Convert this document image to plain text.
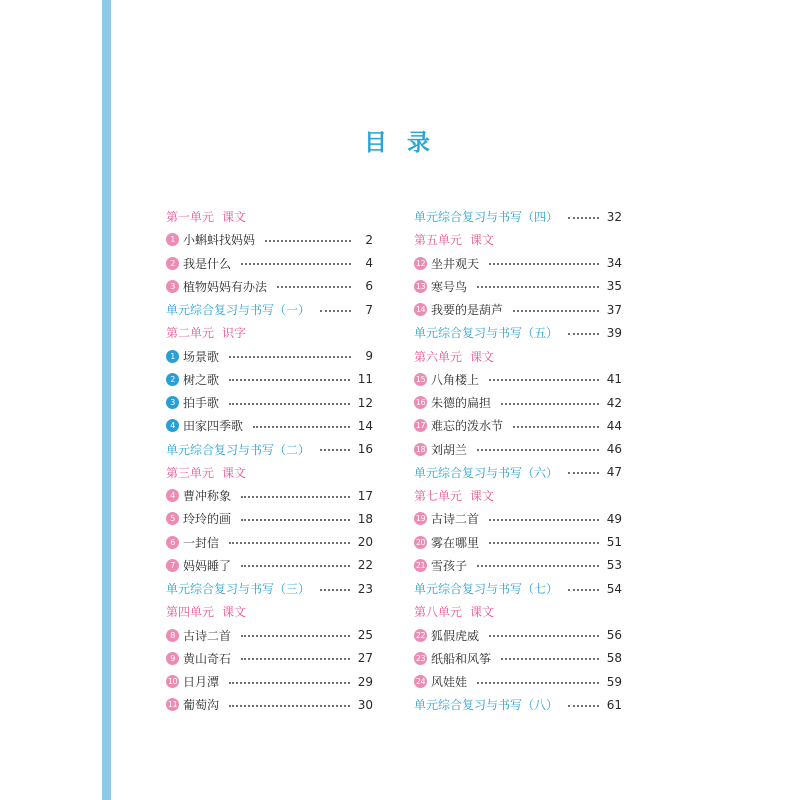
目 录
第一单元 课文
1 小蝌蚪找妈妈	2
2 我是什么	4
3 植物妈妈有办法	6
单元综合复习与书写（一）	7
第二单元 识字
1 场景歌	9
2 树之歌	11
3 拍手歌	12
4 田家四季歌	14
单元综合复习与书写（二）	16
第三单元 课文
4 曹冲称象	17
5 玲玲的画	18
6 一封信	20
7 妈妈睡了	22
单元综合复习与书写（三）	23
第四单元 课文
8 古诗二首	25
9 黄山奇石	27
10 日月潭	29
11 葡萄沟	30
单元综合复习与书写（四）	32
第五单元 课文
12 坐井观天	34
13 寒号鸟	35
14 我要的是葫芦	37
单元综合复习与书写（五）	39
第六单元 课文
15 八角楼上	41
16 朱德的扁担	42
17 难忘的泼水节	44
18 刘胡兰	46
单元综合复习与书写（六）	47
第七单元 课文
19 古诗二首	49
20 雾在哪里	51
21 雪孩子	53
单元综合复习与书写（七）	54
第八单元 课文
22 狐假虎威	56
23 纸船和风筝	58
24 风娃娃	59
单元综合复习与书写（八）	61
